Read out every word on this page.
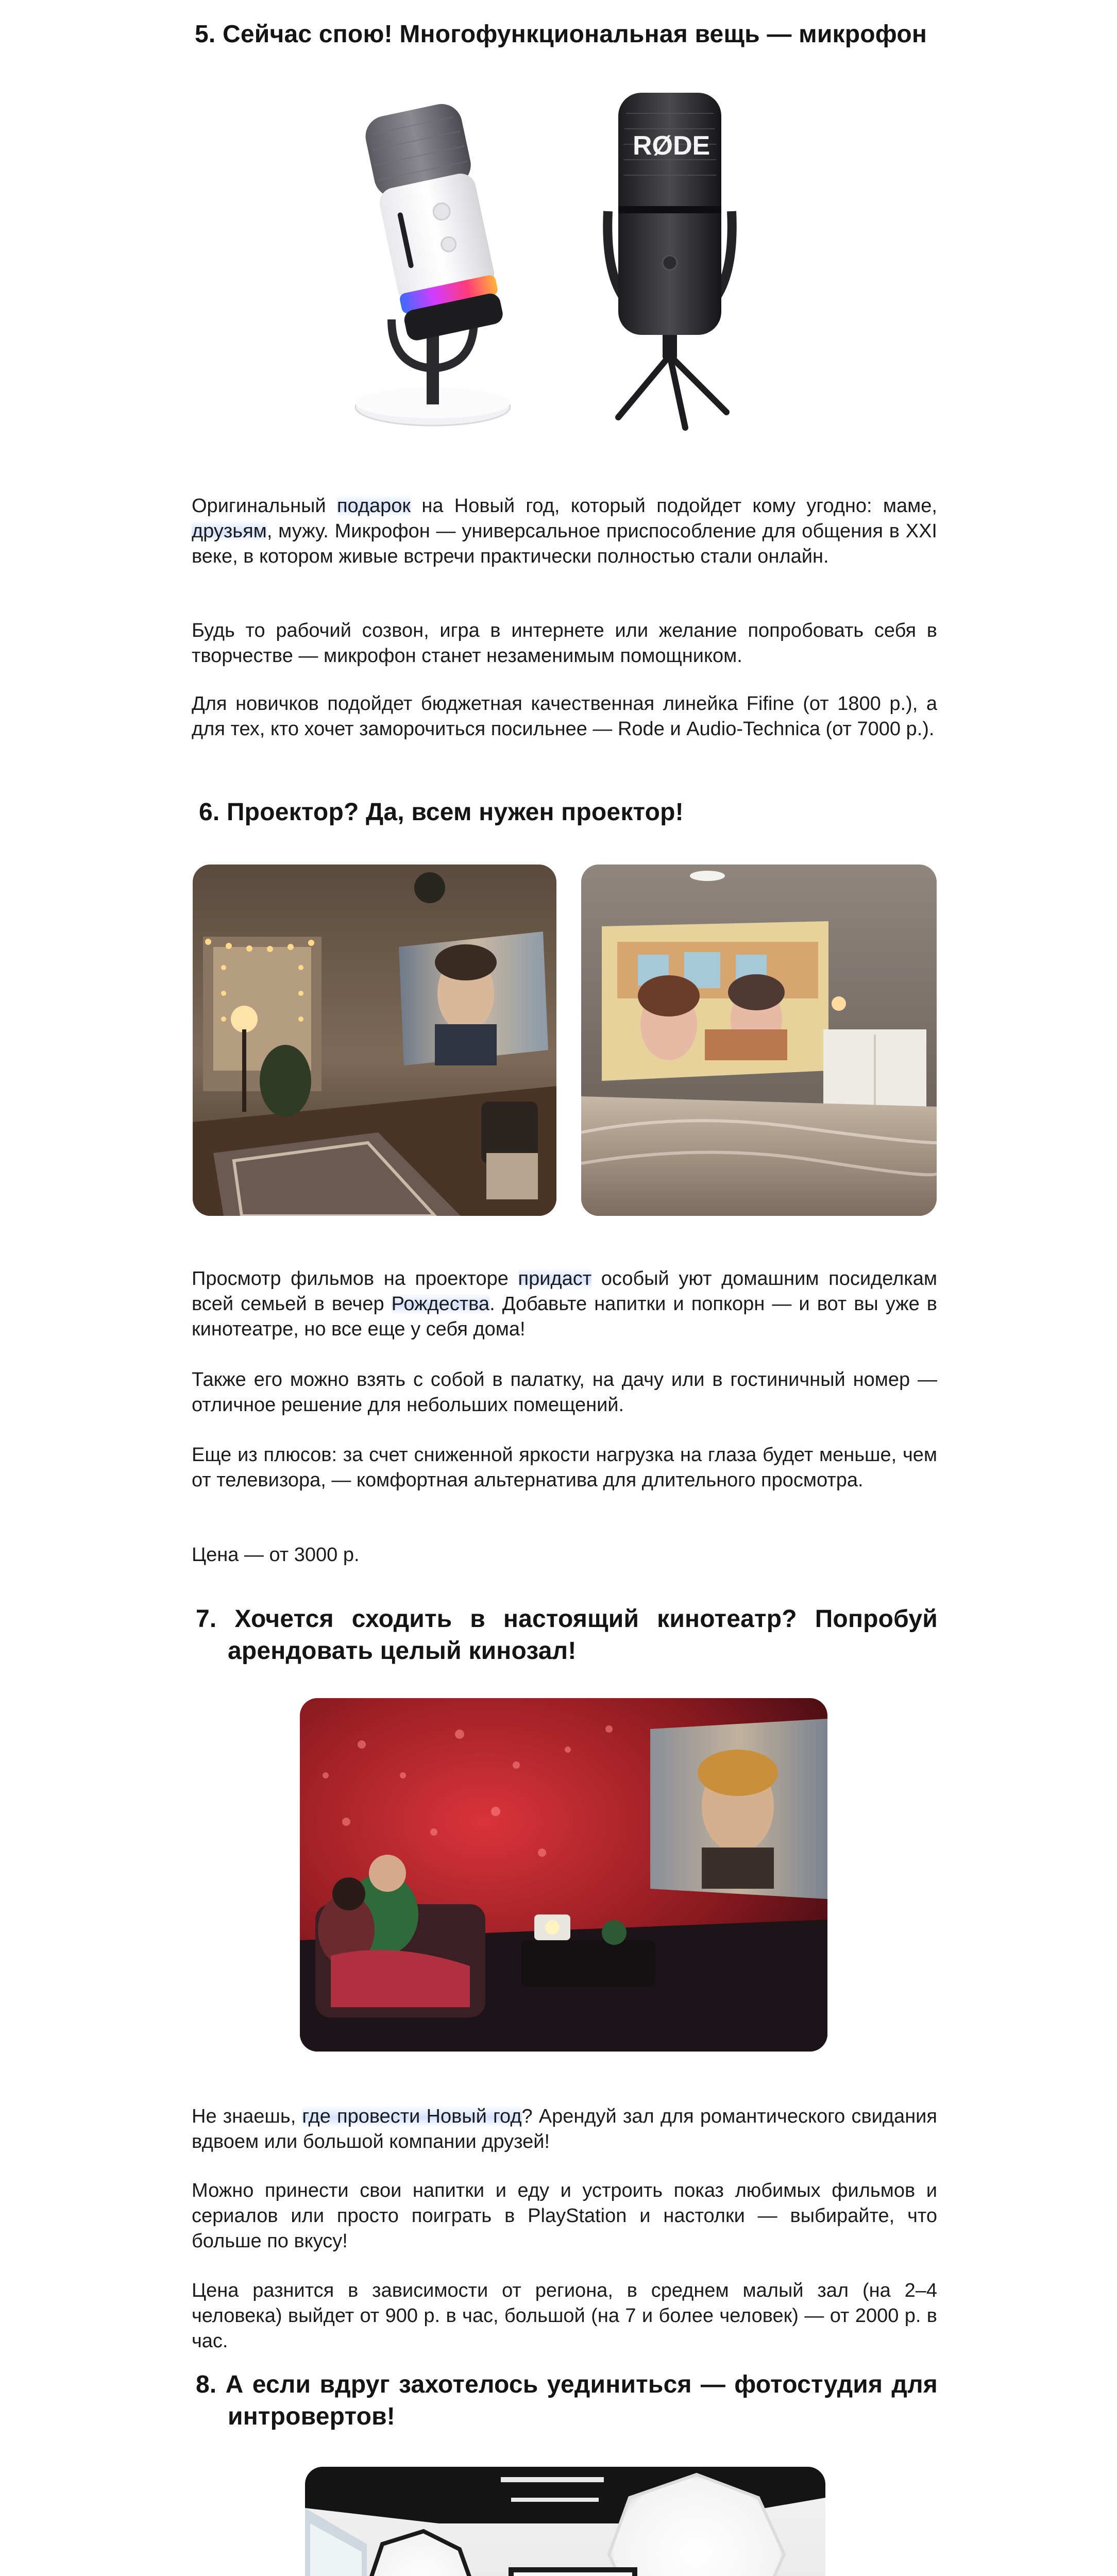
5. Сейчас спою! Многофункциональная вещь — микрофон
RØDE
Оригинальный подарок на Новый год, который подойдет кому угодно: маме, друзьям, мужу. Микрофон — универсальное приспособление для общения в XXI веке, в котором живые встречи практически полностью стали онлайн.
Будь то рабочий созвон, игра в интернете или желание попробовать себя в творчестве — микрофон станет незаменимым помощником.
Для новичков подойдет бюджетная качественная линейка Fifine (от 1800 р.), а для тех, кто хочет заморочиться посильнее — Rode и Audio-Technica (от 7000 р.).
6. Проектор? Да, всем нужен проектор!
Просмотр фильмов на проекторе придаст особый уют домашним посиделкам всей семьей в вечер Рождества. Добавьте напитки и попкорн — и вот вы уже в кинотеатре, но все еще у себя дома!
Также его можно взять с собой в палатку, на дачу или в гостиничный номер — отличное решение для небольших помещений.
Еще из плюсов: за счет сниженной яркости нагрузка на глаза будет меньше, чем от телевизора, — комфортная альтернатива для длительного просмотра.
Цена — от 3000 р.
7. Хочется сходить в настоящий кинотеатр? Попробуй арендовать целый кинозал!
Не знаешь, где провести Новый год? Арендуй зал для романтического свидания вдвоем или большой компании друзей!
Можно принести свои напитки и еду и устроить показ любимых фильмов и сериалов или просто поиграть в PlayStation и настолки — выбирайте, что больше по вкусу!
Цена разнится в зависимости от региона, в среднем малый зал (на 2–4 человека) выйдет от 900 р. в час, большой (на 7 и более человек) — от 2000 р. в час.
8. А если вдруг захотелось уединиться — фотостудия для интровертов!
